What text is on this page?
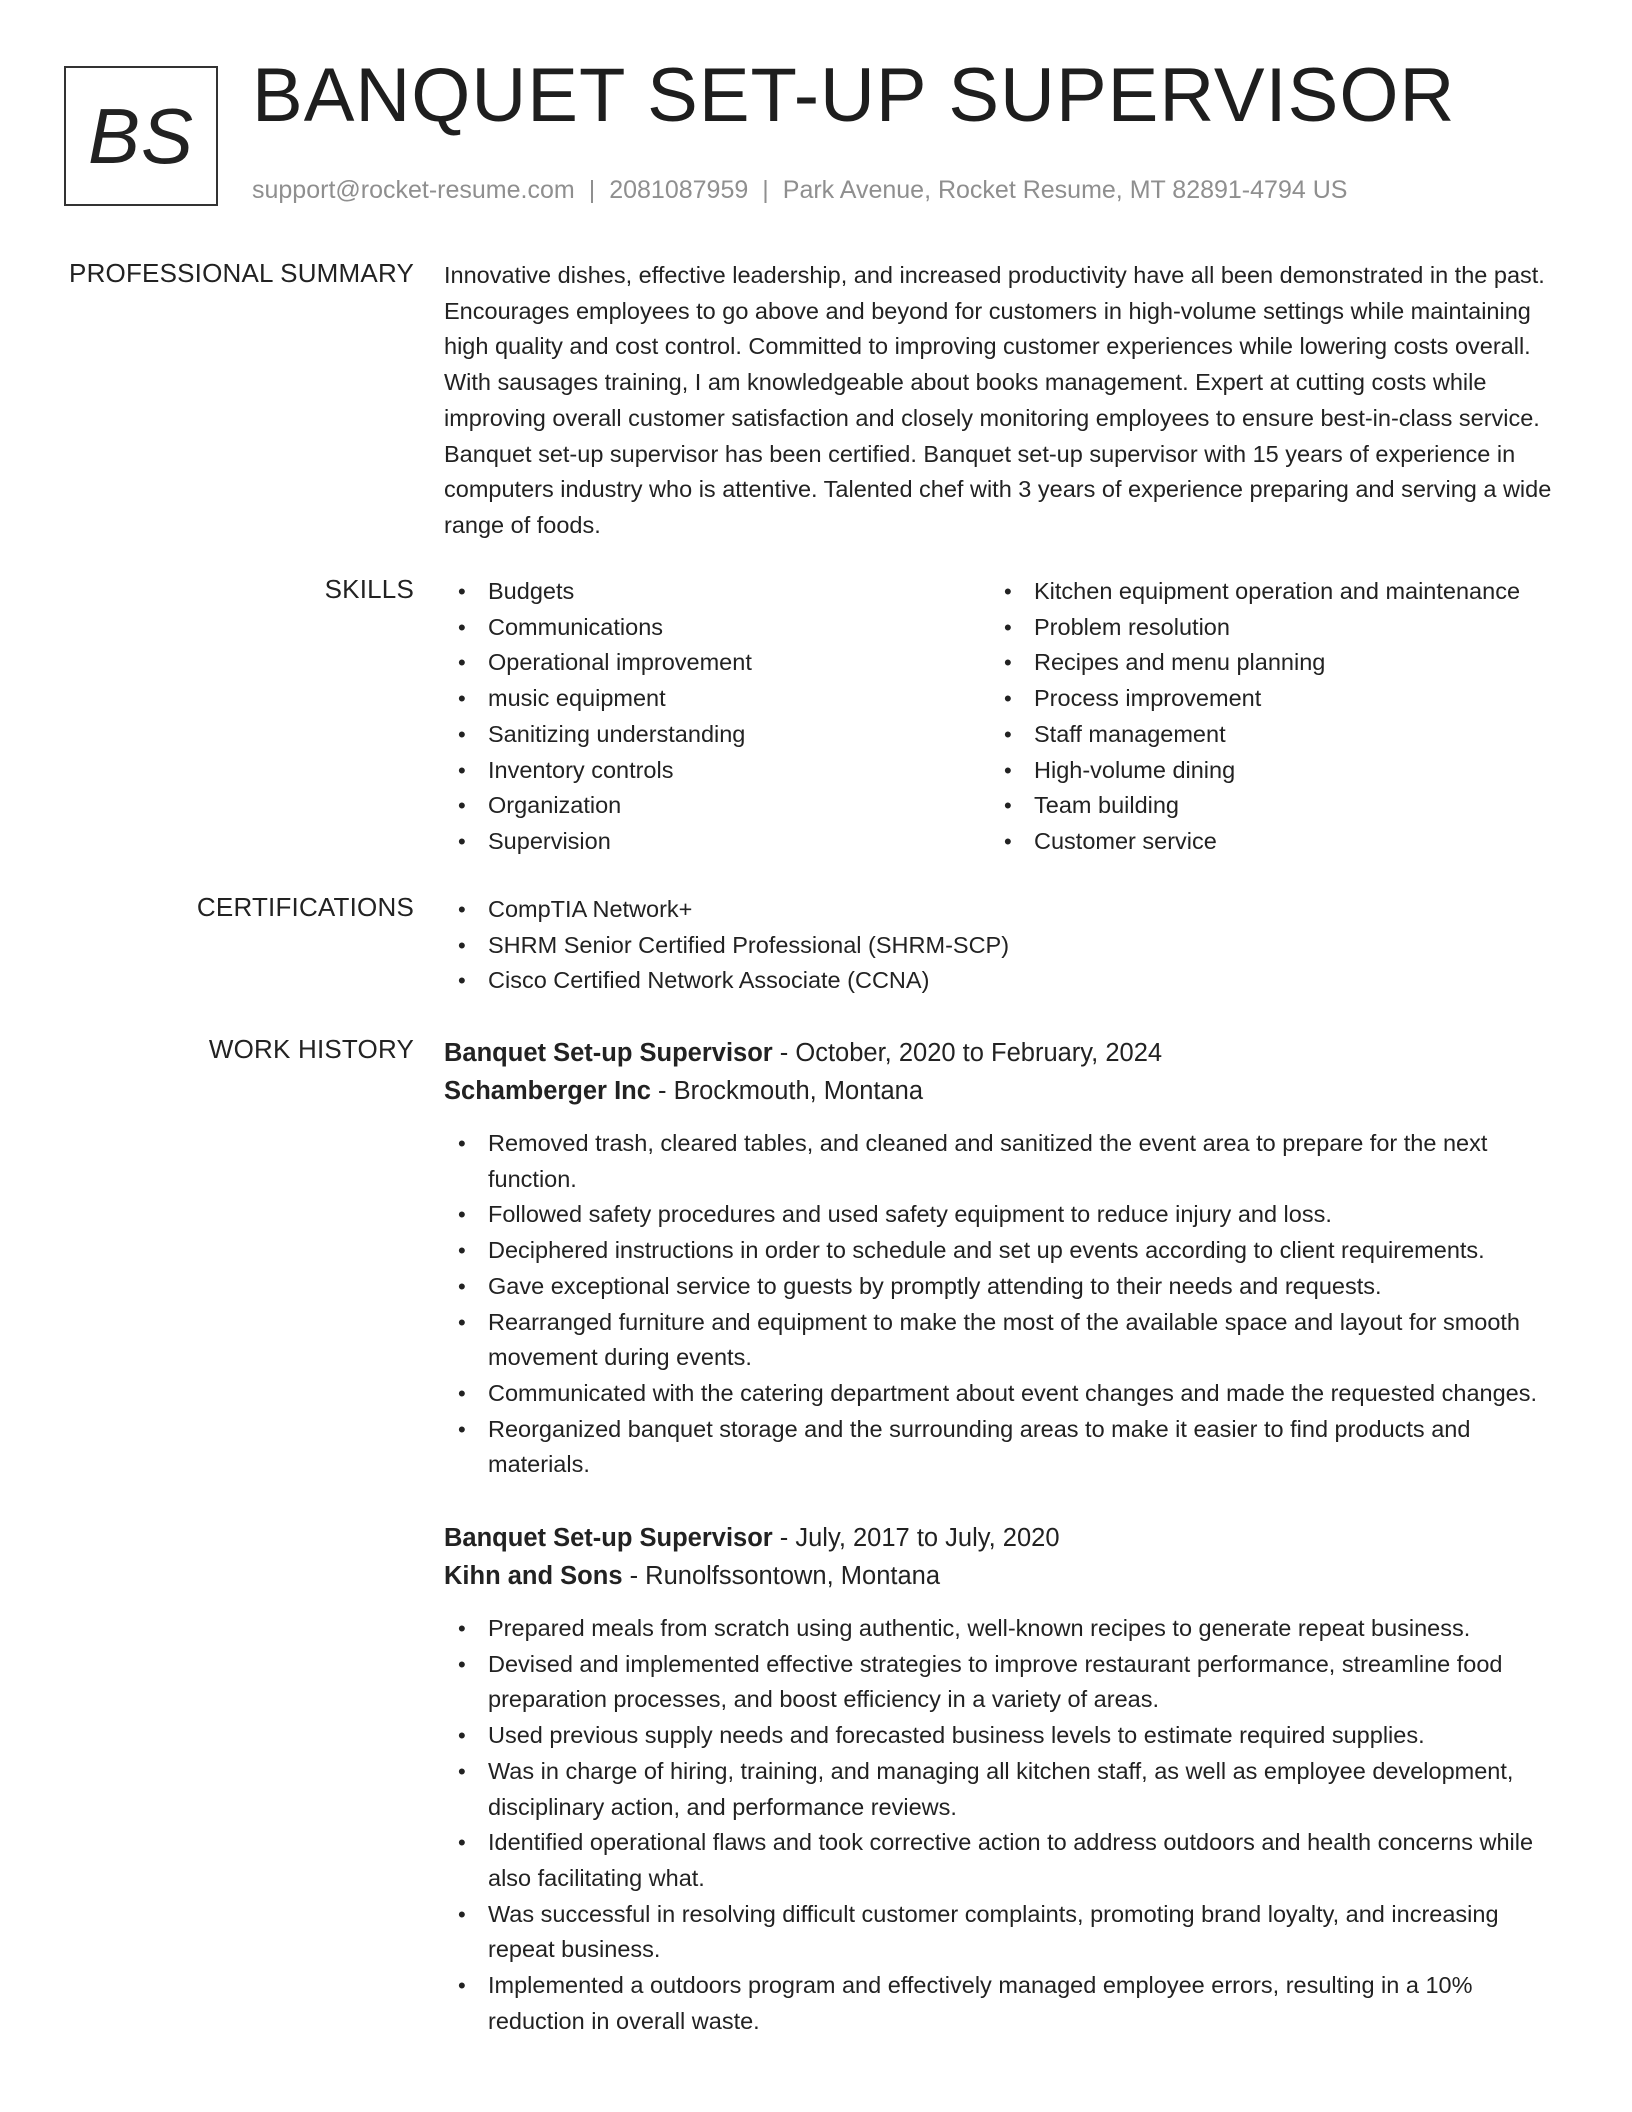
BS BANQUET SET-UP SUPERVISOR
support@rocket-resume.com | 2081087959 | Park Avenue, Rocket Resume, MT 82891-4794 US
PROFESSIONAL SUMMARY Innovative dishes, effective leadership, and increased productivity have all been demonstrated in the past. Encourages employees to go above and beyond for customers in high-volume settings while maintaining high quality and cost control. Committed to improving customer experiences while lowering costs overall. With sausages training, I am knowledgeable about books management. Expert at cutting costs while improving overall customer satisfaction and closely monitoring employees to ensure best-in-class service. Banquet set-up supervisor has been certified. Banquet set-up supervisor with 15 years of experience in computers industry who is attentive. Talented chef with 3 years of experience preparing and serving a wide range of foods.

SKILLS	• Budgets
• Communications
• Operational improvement
• music equipment
• Sanitizing understanding
• Inventory controls
• Organization
• Supervision
• Kitchen equipment operation and maintenance
• Problem resolution
• Recipes and menu planning
• Process improvement
• Staff management
• High-volume dining
• Team building
• Customer service
CERTIFICATIONS	• CompTIA Network+
• SHRM Senior Certified Professional (SHRM-SCP)
• Cisco Certified Network Associate (CCNA)
WORK HISTORY Banquet Set-up Supervisor - October, 2020 to February, 2024
Schamberger Inc - Brockmouth, Montana
• Removed trash, cleared tables, and cleaned and sanitized the event area to prepare for the next function.
• Followed safety procedures and used safety equipment to reduce injury and loss.
• Deciphered instructions in order to schedule and set up events according to client requirements.
• Gave exceptional service to guests by promptly attending to their needs and requests.
• Rearranged furniture and equipment to make the most of the available space and layout for smooth movement during events.
• Communicated with the catering department about event changes and made the requested changes.
• Reorganized banquet storage and the surrounding areas to make it easier to find products and materials.
Banquet Set-up Supervisor - July, 2017 to July, 2020
Kihn and Sons - Runolfssontown, Montana
• Prepared meals from scratch using authentic, well-known recipes to generate repeat business.
• Devised and implemented effective strategies to improve restaurant performance, streamline food preparation processes, and boost efficiency in a variety of areas.
• Used previous supply needs and forecasted business levels to estimate required supplies.
• Was in charge of hiring, training, and managing all kitchen staff, as well as employee development, disciplinary action, and performance reviews.
• Identified operational flaws and took corrective action to address outdoors and health concerns while also facilitating what.
• Was successful in resolving difficult customer complaints, promoting brand loyalty, and increasing repeat business.
• Implemented a outdoors program and effectively managed employee errors, resulting in a 10% reduction in overall waste.
